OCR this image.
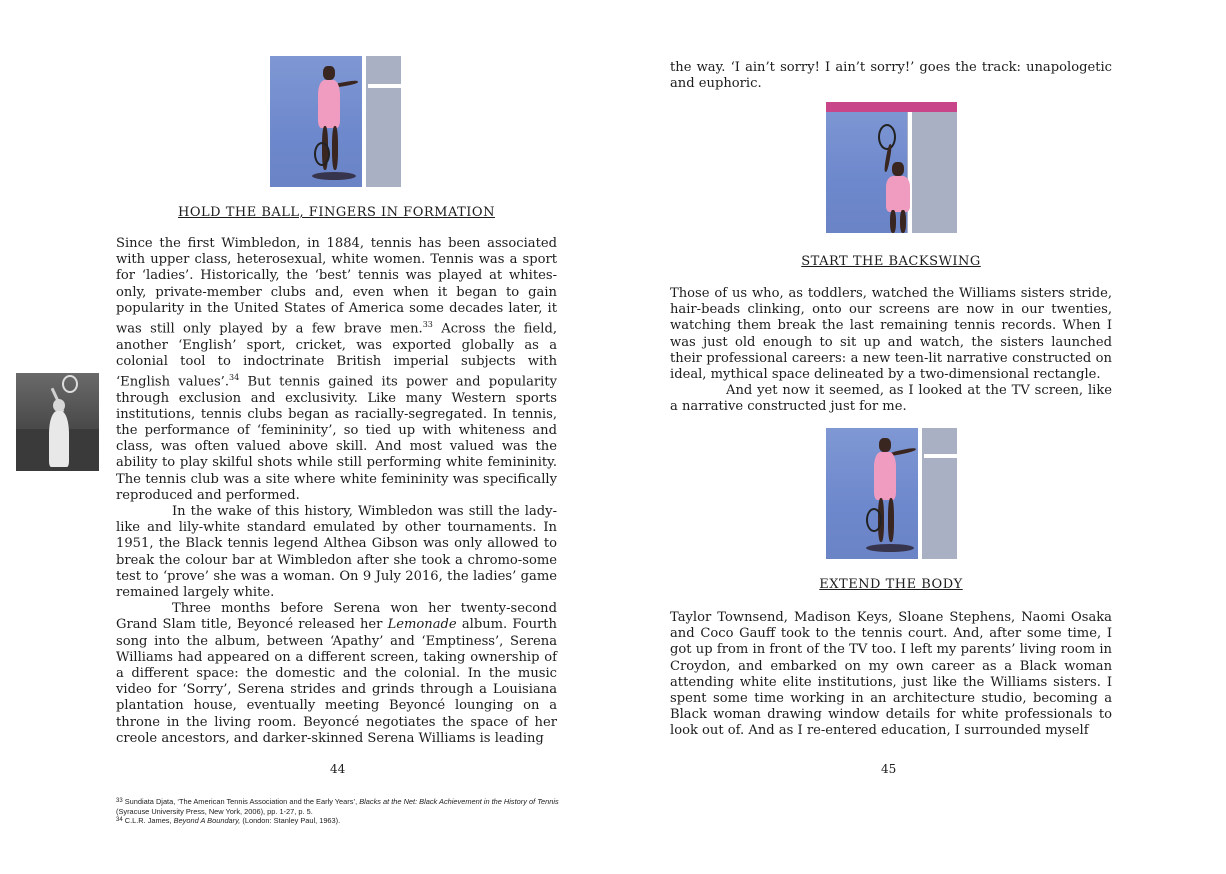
HOLD THE BALL, FINGERS IN FORMATION

Since the first Wimbledon, in 1884, tennis has been associated with upper class, heterosexual, white women. Tennis was a sport for ‘ladies’. Historically, the ‘best’ tennis was played at whites-only, private-member clubs and, even when it began to gain popularity in the United States of America some decades later, it was still only played by a few brave men.$^{33}$ Across the field, another ‘English’ sport, cricket, was exported globally as a colonial tool to indoctrinate British imperial subjects with ‘English values’.$^{34}$ But tennis gained its power and popularity through exclusion and exclusivity. Like many Western sports institutions, tennis clubs began as racially-segregated. In tennis, the performance of ‘femininity’, so tied up with whiteness and class, was often valued above skill. And most valued was the ability to play skilful shots while still performing white femininity. The tennis club was a site where white femininity was specifically reproduced and performed.

In the wake of this history, Wimbledon was still the lady-like and lily-white standard emulated by other tournaments. In 1951, the Black tennis legend Althea Gibson was only allowed to break the colour bar at Wimbledon after she took a chromo-some test to ‘prove’ she was a woman. On 9 July 2016, the ladies’ game remained largely white.

Three months before Serena won her twenty-second Grand Slam title, Beyoncé released her Lemonade album. Fourth song into the album, between ‘Apathy’ and ‘Emptiness’, Serena Williams had appeared on a different screen, taking ownership of a different space: the domestic and the colonial. In the music video for ‘Sorry’, Serena strides and grinds through a Louisiana plantation house, eventually meeting Beyoncé lounging on a throne in the living room. Beyoncé negotiates the space of her creole ancestors, and darker-skinned Serena Williams is leading

44
$^{33}$ Sundiata Djata, ‘The American Tennis Association and the Early Years’, Blacks at the Net: Black Achievement in the History of Tennis (Syracuse University Press, New York, 2006), pp. 1-27, p. 5.
$^{34}$ C.L.R. James, Beyond A Boundary, (London: Stanley Paul, 1963).
the way. ‘I ain’t sorry! I ain’t sorry!’ goes the track: unapologetic and euphoric.
START THE BACKSWING

Those of us who, as toddlers, watched the Williams sisters stride, hair-beads clinking, onto our screens are now in our twenties, watching them break the last remaining tennis records. When I was just old enough to sit up and watch, the sisters launched their professional careers: a new teen-lit narrative constructed on ideal, mythical space delineated by a two-dimensional rectangle.

And yet now it seemed, as I looked at the TV screen, like a narrative constructed just for me.

EXTEND THE BODY
Taylor Townsend, Madison Keys, Sloane Stephens, Naomi Osaka and Coco Gauff took to the tennis court. And, after some time, I got up from in front of the TV too. I left my parents’ living room in Croydon, and embarked on my own career as a Black woman attending white elite institutions, just like the Williams sisters. I spent some time working in an architecture studio, becoming a Black woman drawing window details for white professionals to look out of. And as I re-entered education, I surrounded myself
45
